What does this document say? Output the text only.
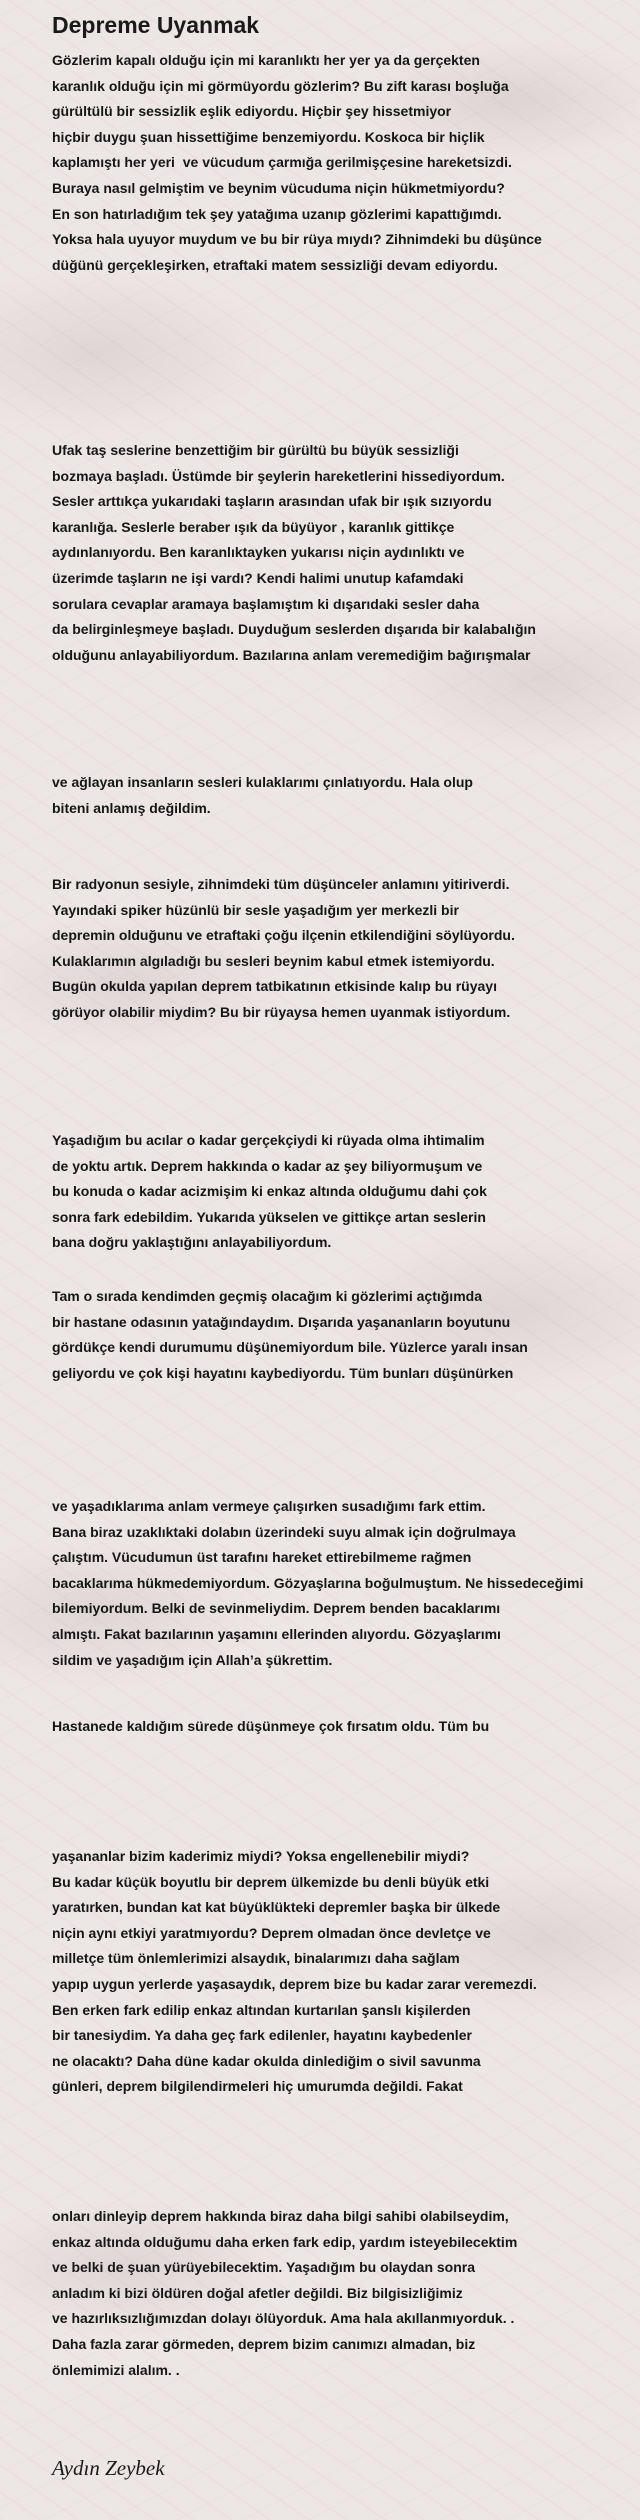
Depreme Uyanmak

Gözlerim kapalı olduğu için mi karanlıktı her yer ya da gerçekten
karanlık olduğu için mi görmüyordu gözlerim? Bu zift karası boşluğa
gürültülü bir sessizlik eşlik ediyordu. Hiçbir şey hissetmiyor
hiçbir duygu şuan hissettiğime benzemiyordu. Koskoca bir hiçlik
kaplamıştı her yeri  ve vücudum çarmığa gerilmişçesine hareketsizdi.
Buraya nasıl gelmiştim ve beynim vücuduma niçin hükmetmiyordu?
En son hatırladığım tek şey yatağıma uzanıp gözlerimi kapattığımdı.
Yoksa hala uyuyor muydum ve bu bir rüya mıydı? Zihnimdeki bu düşünce
düğünü gerçekleşirken, etraftaki matem sessizliği devam ediyordu.

Ufak taş seslerine benzettiğim bir gürültü bu büyük sessizliği
bozmaya başladı. Üstümde bir şeylerin hareketlerini hissediyordum.
Sesler arttıkça yukarıdaki taşların arasından ufak bir ışık sızıyordu
karanlığa. Seslerle beraber ışık da büyüyor , karanlık gittikçe
aydınlanıyordu. Ben karanlıktayken yukarısı niçin aydınlıktı ve
üzerimde taşların ne işi vardı? Kendi halimi unutup kafamdaki
sorulara cevaplar aramaya başlamıştım ki dışarıdaki sesler daha
da belirginleşmeye başladı. Duyduğum seslerden dışarıda bir kalabalığın
olduğunu anlayabiliyordum. Bazılarına anlam veremediğim bağırışmalar

ve ağlayan insanların sesleri kulaklarımı çınlatıyordu. Hala olup
biteni anlamış değildim.

Bir radyonun sesiyle, zihnimdeki tüm düşünceler anlamını yitiriverdi.
Yayındaki spiker hüzünlü bir sesle yaşadığım yer merkezli bir
depremin olduğunu ve etraftaki çoğu ilçenin etkilendiğini söylüyordu.
Kulaklarımın algıladığı bu sesleri beynim kabul etmek istemiyordu.
Bugün okulda yapılan deprem tatbikatının etkisinde kalıp bu rüyayı
görüyor olabilir miydim? Bu bir rüyaysa hemen uyanmak istiyordum.

Yaşadığım bu acılar o kadar gerçekçiydi ki rüyada olma ihtimalim
de yoktu artık. Deprem hakkında o kadar az şey biliyormuşum ve
bu konuda o kadar acizmişim ki enkaz altında olduğumu dahi çok
sonra fark edebildim. Yukarıda yükselen ve gittikçe artan seslerin
bana doğru yaklaştığını anlayabiliyordum.

Tam o sırada kendimden geçmiş olacağım ki gözlerimi açtığımda
bir hastane odasının yatağındaydım. Dışarıda yaşananların boyutunu
gördükçe kendi durumumu düşünemiyordum bile. Yüzlerce yaralı insan
geliyordu ve çok kişi hayatını kaybediyordu. Tüm bunları düşünürken

ve yaşadıklarıma anlam vermeye çalışırken susadığımı fark ettim.
Bana biraz uzaklıktaki dolabın üzerindeki suyu almak için doğrulmaya
çalıştım. Vücudumun üst tarafını hareket ettirebilmeme rağmen
bacaklarıma hükmedemiyordum. Gözyaşlarına boğulmuştum. Ne hissedeceğimi
bilemiyordum. Belki de sevinmeliydim. Deprem benden bacaklarımı
almıştı. Fakat bazılarının yaşamını ellerinden alıyordu. Gözyaşlarımı
sildim ve yaşadığım için Allah’a şükrettim.

Hastanede kaldığım sürede düşünmeye çok fırsatım oldu. Tüm bu

yaşananlar bizim kaderimiz miydi? Yoksa engellenebilir miydi?
Bu kadar küçük boyutlu bir deprem ülkemizde bu denli büyük etki
yaratırken, bundan kat kat büyüklükteki depremler başka bir ülkede
niçin aynı etkiyi yaratmıyordu? Deprem olmadan önce devletçe ve
milletçe tüm önlemlerimizi alsaydık, binalarımızı daha sağlam
yapıp uygun yerlerde yaşasaydık, deprem bize bu kadar zarar veremezdi.
Ben erken fark edilip enkaz altından kurtarılan şanslı kişilerden
bir tanesiydim. Ya daha geç fark edilenler, hayatını kaybedenler
ne olacaktı? Daha düne kadar okulda dinlediğim o sivil savunma
günleri, deprem bilgilendirmeleri hiç umurumda değildi. Fakat

onları dinleyip deprem hakkında biraz daha bilgi sahibi olabilseydim,
enkaz altında olduğumu daha erken fark edip, yardım isteyebilecektim
ve belki de şuan yürüyebilecektim. Yaşadığım bu olaydan sonra
anladım ki bizi öldüren doğal afetler değildi. Biz bilgisizliğimiz
ve hazırlıksızlığımızdan dolayı ölüyorduk. Ama hala akıllanmıyorduk. .
Daha fazla zarar görmeden, deprem bizim canımızı almadan, biz
önlemimizi alalım. .

Aydın Zeybek
